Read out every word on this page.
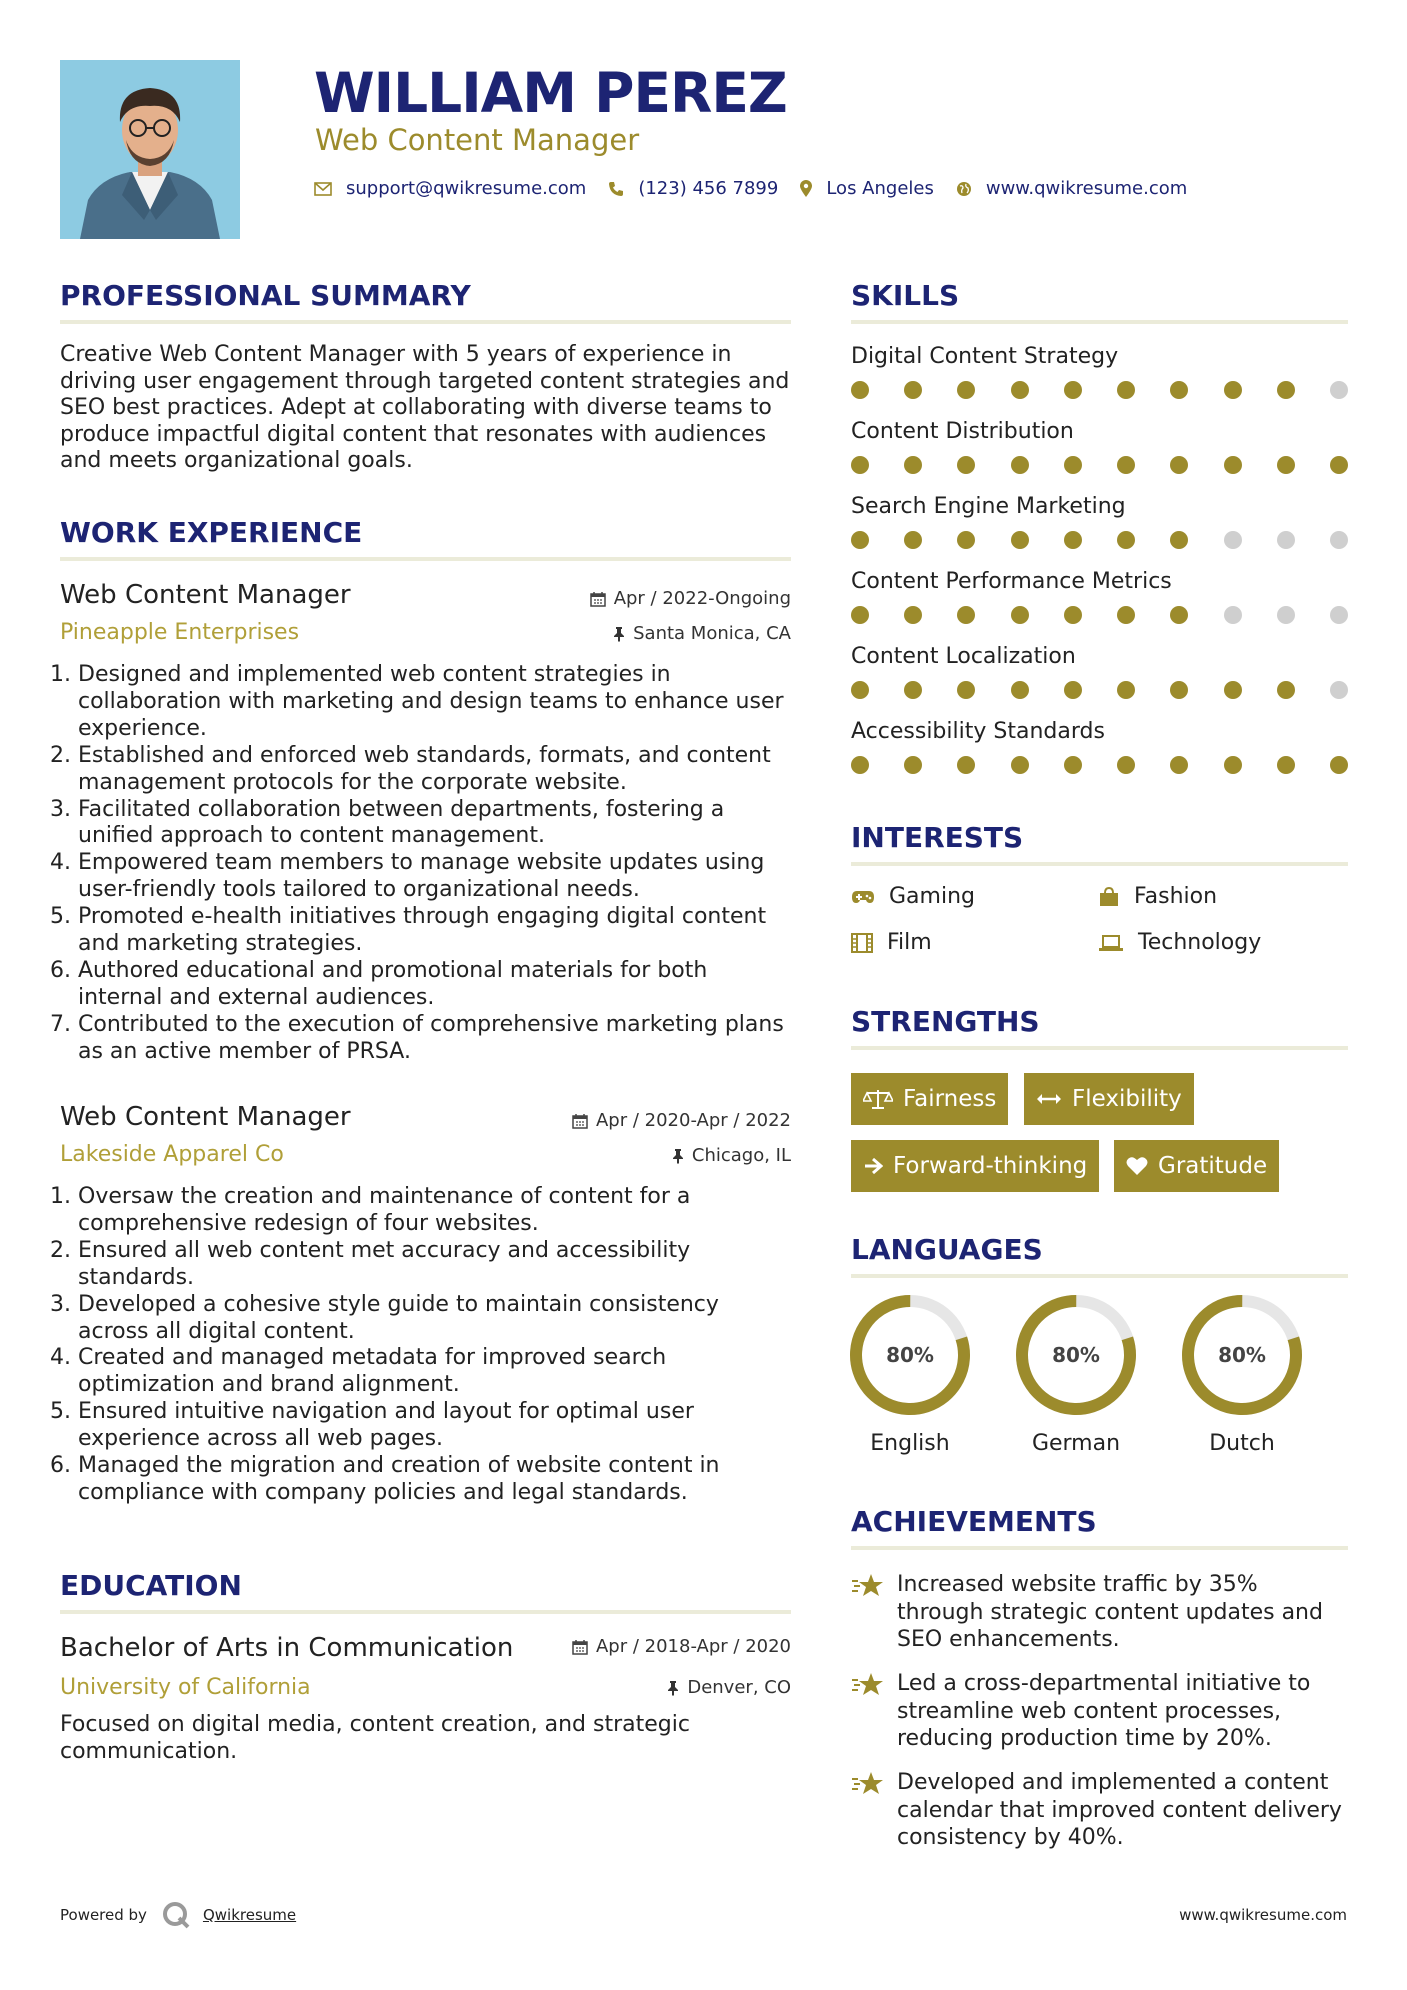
WILLIAM PEREZ
Web Content Manager
support@qwikresume.com	(123) 456 7899	Los Angeles	www.qwikresume.com
PROFESSIONAL SUMMARY
Creative Web Content Manager with 5 years of experience in driving user engagement through targeted content strategies and SEO best practices. Adept at collaborating with diverse teams to produce impactful digital content that resonates with audiences and meets organizational goals.
WORK EXPERIENCE
Web Content Manager
Pineapple Enterprises
Apr / 2022-Ongoing
Santa Monica, CA
1. Designed and implemented web content strategies in collaboration with marketing and design teams to enhance user experience.
2. Established and enforced web standards, formats, and content management protocols for the corporate website.
3. Facilitated collaboration between departments, fostering a unified approach to content management.
4. Empowered team members to manage website updates using user-friendly tools tailored to organizational needs.
5. Promoted e-health initiatives through engaging digital content and marketing strategies.
6. Authored educational and promotional materials for both internal and external audiences.
7. Contributed to the execution of comprehensive marketing plans as an active member of PRSA.
Web Content Manager
Lakeside Apparel Co
Apr / 2020-Apr / 2022
Chicago, IL
1. Oversaw the creation and maintenance of content for a comprehensive redesign of four websites.
2. Ensured all web content met accuracy and accessibility standards.
3. Developed a cohesive style guide to maintain consistency across all digital content.
4. Created and managed metadata for improved search optimization and brand alignment.
5. Ensured intuitive navigation and layout for optimal user experience across all web pages.
6. Managed the migration and creation of website content in compliance with company policies and legal standards.
EDUCATION
Bachelor of Arts in Communication
University of California
Apr / 2018-Apr / 2020
Denver, CO
Focused on digital media, content creation, and strategic communication.
SKILLS
Digital Content Strategy
Content Distribution
Search Engine Marketing
Content Performance Metrics
Content Localization
Accessibility Standards
INTERESTS
Gaming	Fashion
Film	Technology
STRENGTHS
Fairness	Flexibility
Forward-thinking	Gratitude
LANGUAGES
80%
English
80%
German
80%
Dutch
ACHIEVEMENTS
Increased website traffic by 35% through strategic content updates and SEO enhancements.
Led a cross-departmental initiative to streamline web content processes, reducing production time by 20%.
Developed and implemented a content calendar that improved content delivery consistency by 40%.
Powered by	Qwikresume	www.qwikresume.com
